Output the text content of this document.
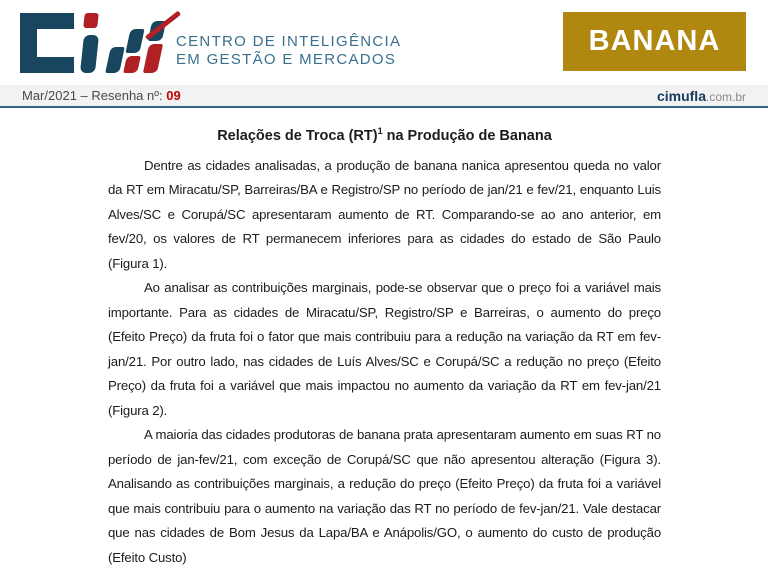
CENTRO DE INTELIGÊNCIA
EM GESTÃO E MERCADOS
BANANA
Mar/2021 – Resenha nº: 09	cimufla.com.br
Relações de Troca (RT)$^1$ na Produção de Banana

Dentre as cidades analisadas, a produção de banana nanica apresentou queda no valor da RT em Miracatu/SP, Barreiras/BA e Registro/SP no período de jan/21 e fev/21, enquanto Luis Alves/SC e Corupá/SC apresentaram aumento de RT. Comparando-se ao ano anterior, em fev/20, os valores de RT permanecem inferiores para as cidades do estado de São Paulo (Figura 1).

Ao analisar as contribuições marginais, pode-se observar que o preço foi a variável mais importante. Para as cidades de Miracatu/SP, Registro/SP e Barreiras, o aumento do preço (Efeito Preço) da fruta foi o fator que mais contribuiu para a redução na variação da RT em fev-jan/21. Por outro lado, nas cidades de Luís Alves/SC e Corupá/SC a redução no preço (Efeito Preço) da fruta foi a variável que mais impactou no aumento da variação da RT em fev-jan/21 (Figura 2).

A maioria das cidades produtoras de banana prata apresentaram aumento em suas RT no período de jan-fev/21, com exceção de Corupá/SC que não apresentou alteração (Figura 3). Analisando as contribuições marginais, a redução do preço (Efeito Preço) da fruta foi a variável que mais contribuiu para o aumento na variação das RT no período de fev-jan/21. Vale destacar que nas cidades de Bom Jesus da Lapa/BA e Anápolis/GO, o aumento do custo de produção (Efeito Custo)
